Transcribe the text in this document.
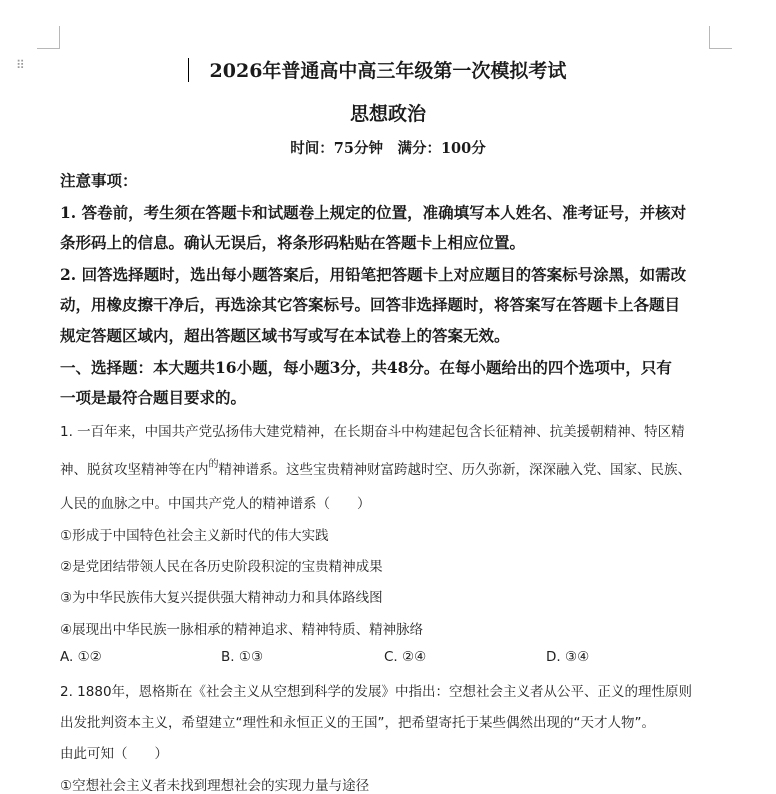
⠿	2026年普通高中高三年级第一次模拟考试
思想政治
时间：75分钟　满分：100分
注意事项：
1. 答卷前，考生须在答题卡和试题卷上规定的位置，准确填写本人姓名、准考证号，并核对
条形码上的信息。确认无误后，将条形码粘贴在答题卡上相应位置。
2. 回答选择题时，选出每小题答案后，用铅笔把答题卡上对应题目的答案标号涂黑，如需改
动，用橡皮擦干净后，再选涂其它答案标号。回答非选择题时，将答案写在答题卡上各题目
规定答题区域内，超出答题区域书写或写在本试卷上的答案无效。
一、选择题：本大题共16小题，每小题3分，共48分。在每小题给出的四个选项中，只有
一项是最符合题目要求的。
1. 一百年来，中国共产党弘扬伟大建党精神，在长期奋斗中构建起包含长征精神、抗美援朝精神、特区精
神、脱贫攻坚精神等在内$^的$精神谱系。这些宝贵精神财富跨越时空、历久弥新，深深融入党、国家、民族、
人民的血脉之中。中国共产党人的精神谱系（　　）
①形成于中国特色社会主义新时代的伟大实践
②是党团结带领人民在各历史阶段积淀的宝贵精神成果
③为中华民族伟大复兴提供强大精神动力和具体路线图
④展现出中华民族一脉相承的精神追求、精神特质、精神脉络
A. ①②	B. ①③	C. ②④	D. ③④
2. 1880年，恩格斯在《社会主义从空想到科学的发展》中指出：空想社会主义者从公平、正义的理性原则
出发批判资本主义，希望建立“理性和永恒正义的王国”，把希望寄托于某些偶然出现的“天才人物”。
由此可知（　　）
①空想社会主义者未找到理想社会的实现力量与途径
